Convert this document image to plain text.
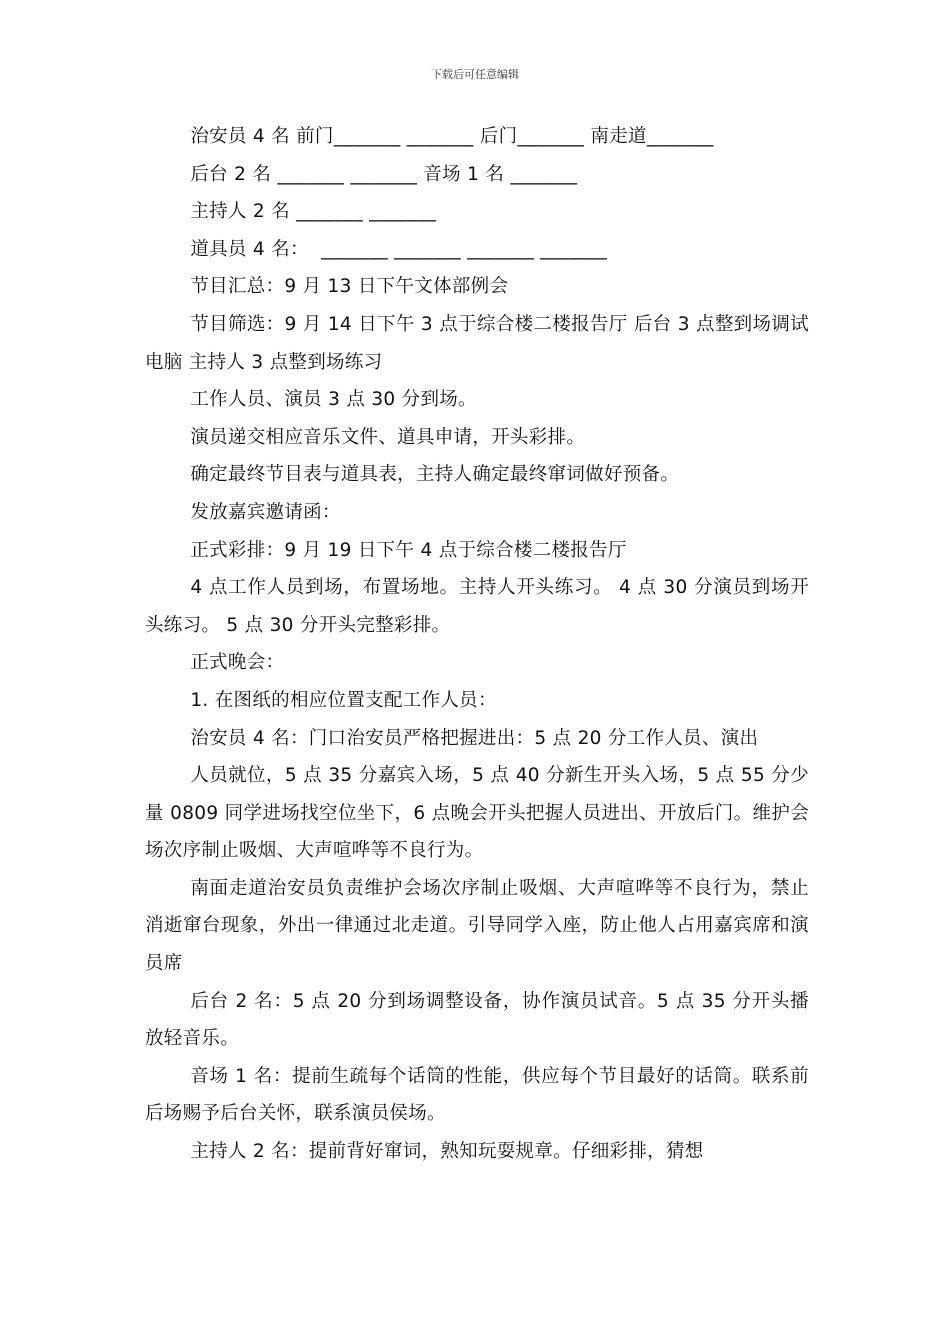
下载后可任意编辑

治安员 4 名 前门_______ _______ 后门_______ 南走道_______

后台 2 名 _______ _______ 音场 1 名 _______

主持人 2 名 _______ _______

道具员 4 名：  _______ _______ _______ _______

节目汇总：9 月 13 日下午文体部例会

节目筛选：9 月 14 日下午 3 点于综合楼二楼报告厅 后台 3 点整到场调试电脑 主持人 3 点整到场练习

工作人员、演员 3 点 30 分到场。

演员递交相应音乐文件、道具申请，开头彩排。

确定最终节目表与道具表，主持人确定最终窜词做好预备。

发放嘉宾邀请函：

正式彩排：9 月 19 日下午 4 点于综合楼二楼报告厅

4 点工作人员到场，布置场地。主持人开头练习。 4 点 30 分演员到场开头练习。 5 点 30 分开头完整彩排。

正式晚会：

1. 在图纸的相应位置支配工作人员：

治安员 4 名：门口治安员严格把握进出：5 点 20 分工作人员、演出

人员就位，5 点 35 分嘉宾入场，5 点 40 分新生开头入场，5 点 55 分少量 0809 同学进场找空位坐下，6 点晚会开头把握人员进出、开放后门。维护会场次序制止吸烟、大声喧哗等不良行为。

南面走道治安员负责维护会场次序制止吸烟、大声喧哗等不良行为，禁止消逝窜台现象，外出一律通过北走道。引导同学入座，防止他人占用嘉宾席和演员席

后台 2 名：5 点 20 分到场调整设备，协作演员试音。5 点 35 分开头播放轻音乐。

音场 1 名：提前生疏每个话筒的性能，供应每个节目最好的话筒。联系前后场赐予后台关怀，联系演员侯场。

主持人 2 名：提前背好窜词，熟知玩耍规章。仔细彩排，猜想
